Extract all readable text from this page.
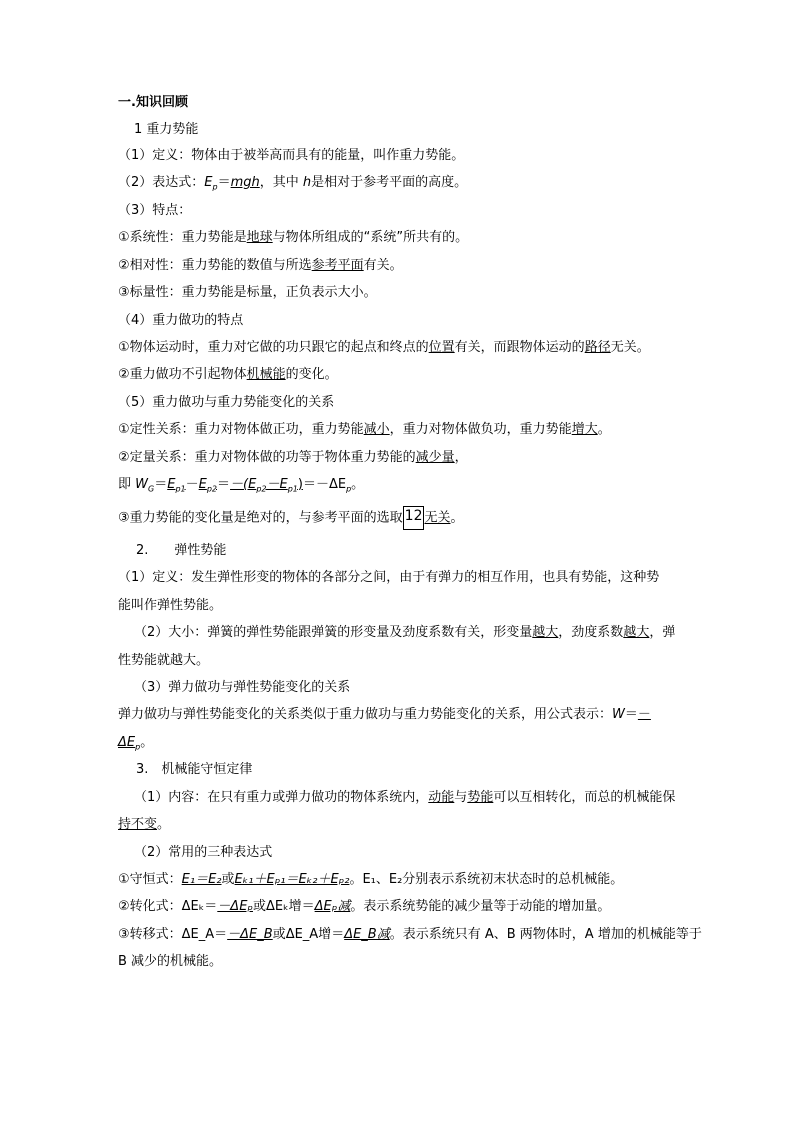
一.知识回顾
1 重力势能
（1）定义：物体由于被举高而具有的能量，叫作重力势能。
（2）表达式：$E_p=mgh$，其中 h是相对于参考平面的高度。
（3）特点：
①系统性：重力势能是地球与物体所组成的“系统”所共有的。
②相对性：重力势能的数值与所选参考平面有关。
③标量性：重力势能是标量，正负表示大小。
（4）重力做功的特点
①物体运动时，重力对它做的功只跟它的起点和终点的位置有关，而跟物体运动的路径无关。
②重力做功不引起物体机械能的变化。
（5）重力做功与重力势能变化的关系
①定性关系：重力对物体做正功，重力势能减小，重力对物体做负功，重力势能增大。
②定量关系：重力对物体做的功等于物体重力势能的减少量，
即 $W_G=E_{p1}-E_{p2}=-(E_{p2}-E_{p1})=-\Delta E_p$。
③重力势能的变化量是绝对的，与参考平面的选取 12 无关。
2.　　弹性势能
（1）定义：发生弹性形变的物体的各部分之间，由于有弹力的相互作用，也具有势能，这种势
能叫作弹性势能。
（2）大小：弹簧的弹性势能跟弹簧的形变量及劲度系数有关，形变量越大，劲度系数越大，弹
性势能就越大。
（3）弹力做功与弹性势能变化的关系
弹力做功与弹性势能变化的关系类似于重力做功与重力势能变化的关系，用公式表示：W＝－
$\Delta E_p$。
3.　机械能守恒定律
（1）内容：在只有重力或弹力做功的物体系统内，动能与势能可以互相转化，而总的机械能保
持不变。
（2）常用的三种表达式
①守恒式：E₁＝E₂或Eₖ₁＋Eₚ₁＝Eₖ₂＋Eₚ₂。E₁、E₂分别表示系统初末状态时的总机械能。
②转化式：ΔEₖ＝－ΔEₚ或ΔEₖ增＝ΔEₚ减。表示系统势能的减少量等于动能的增加量。
③转移式：ΔE_A＝－ΔE_B或ΔE_A增＝ΔE_B减。表示系统只有 A、B 两物体时，A 增加的机械能等于
B 减少的机械能。
